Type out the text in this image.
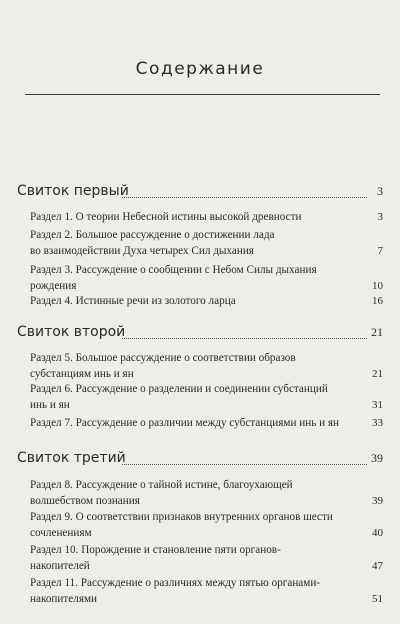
Содержание
Свиток первый	3
Раздел 1. О теории Небесной истины высокой древности	3
Раздел 2. Большое рассуждение о достижении лада
во взаимодействии Духа четырех Сил дыхания	7
Раздел 3. Рассуждение о сообщении с Небом Силы дыхания
рождения	10
Раздел 4. Истинные речи из золотого ларца	16
Свиток второй	21
Раздел 5. Большое рассуждение о соответствии образов
субстанциям инь и ян	21
Раздел 6. Рассуждение о разделении и соединении субстанций
инь и ян	31
Раздел 7. Рассуждение о различии между субстанциями инь и ян	33
Свиток третий	39
Раздел 8. Рассуждение о тайной истине, благоухающей
волшебством познания	39
Раздел 9. О соответствии признаков внутренних органов шести
сочленениям	40
Раздел 10. Порождение и становление пяти органов-
накопителей	47
Раздел 11. Рассуждение о различиях между пятью органами-
накопителями	51
